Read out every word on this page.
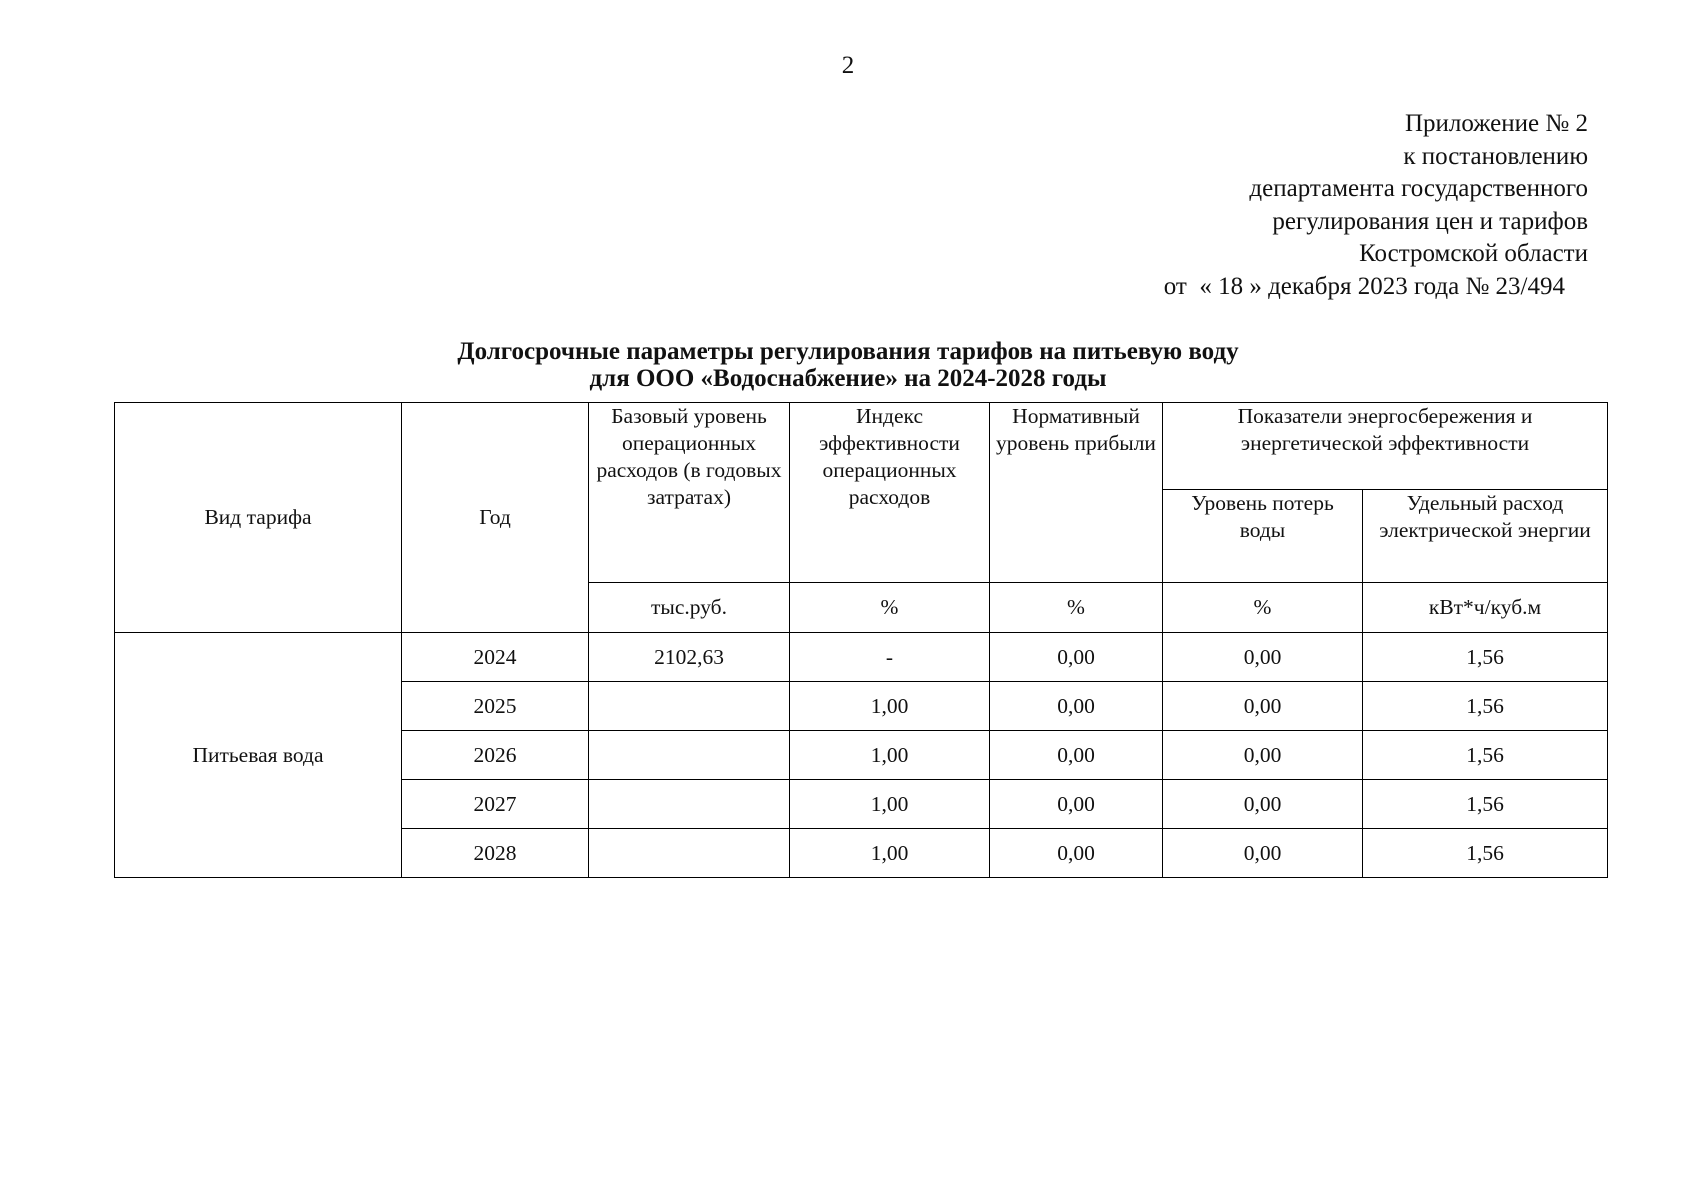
2
Приложение № 2
к постановлению
департамента государственного
регулирования цен и тарифов
Костромской области
от  « 18 » декабря 2023 года № 23/494
Долгосрочные параметры регулирования тарифов на питьевую воду
для ООО «Водоснабжение» на 2024-2028 годы
Вид тарифа	Год	Базовый уровень операционных расходов (в годовых затратах)	Индекс эффективности операционных расходов	Нормативный уровень прибыли	Показатели энергосбережения и энергетической эффективности	
					Уровень потерь воды	Удельный расход электрической энергии
		тыс.руб.	%	%	%	кВт*ч/куб.м
Питьевая вода	2024	2102,63	-	0,00	0,00	1,56
	2025		1,00	0,00	0,00	1,56
	2026		1,00	0,00	0,00	1,56
	2027		1,00	0,00	0,00	1,56
	2028		1,00	0,00	0,00	1,56
